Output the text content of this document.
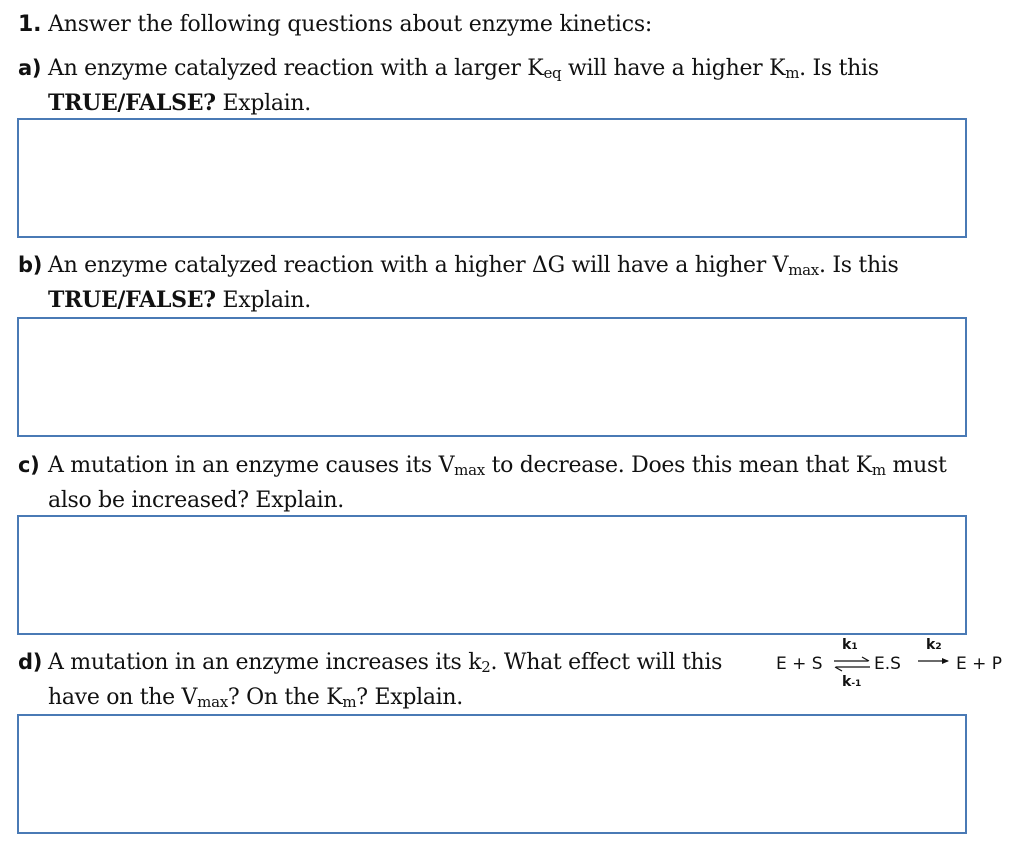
1. Answer the following questions about enzyme kinetics:
a) An enzyme catalyzed reaction with a larger Keq will have a higher Km. Is this
TRUE/FALSE? Explain.
b) An enzyme catalyzed reaction with a higher ΔG will have a higher Vmax. Is this
TRUE/FALSE? Explain.
c) A mutation in an enzyme causes its Vmax to decrease. Does this mean that Km must
also be increased? Explain.
d) A mutation in an enzyme increases its k2. What effect will this
have on the Vmax? On the Km? Explain.
E + S
k1
k-1
E.S
k2
E + P
